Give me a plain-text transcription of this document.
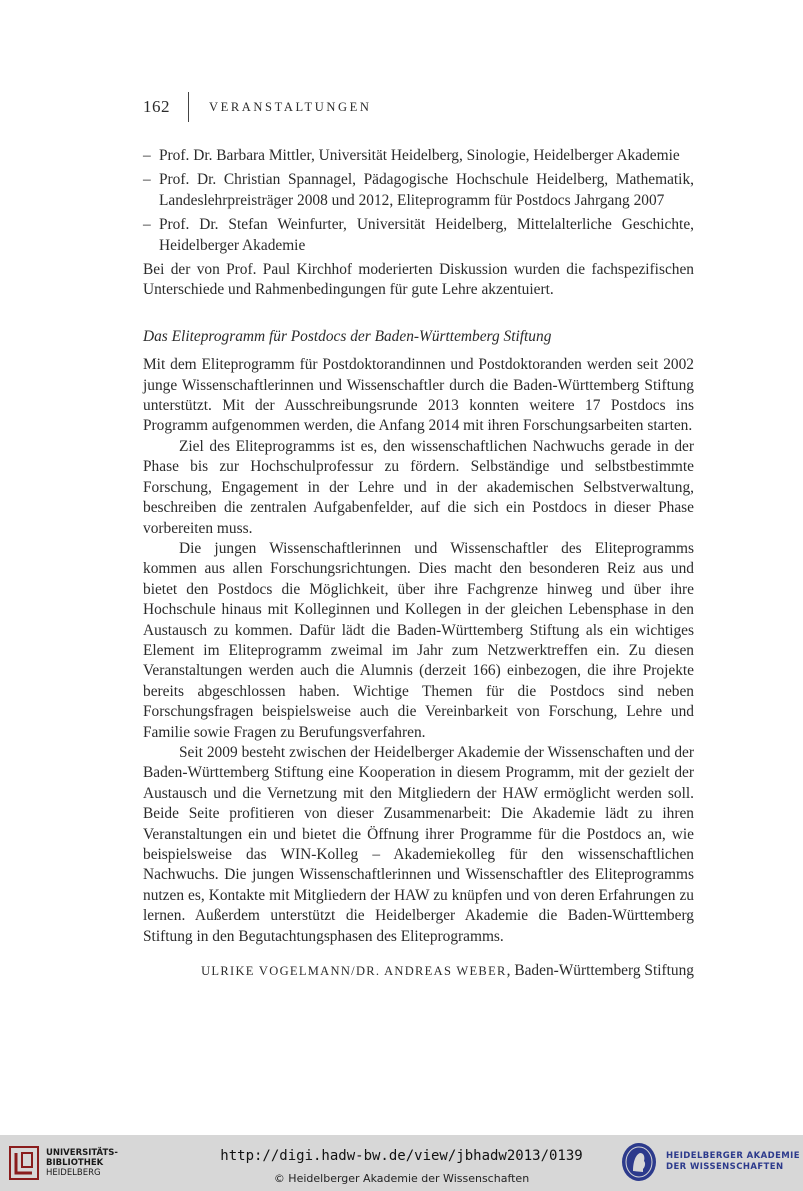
162	VERANSTALTUNGEN
– Prof. Dr. Barbara Mittler, Universität Heidelberg, Sinologie, Heidelberger Akademie
– Prof. Dr. Christian Spannagel, Pädagogische Hochschule Heidelberg, Mathematik, Landeslehrpreisträger 2008 und 2012, Eliteprogramm für Postdocs Jahrgang 2007
– Prof. Dr. Stefan Weinfurter, Universität Heidelberg, Mittelalterliche Geschichte, Heidelberger Akademie

Bei der von Prof. Paul Kirchhof moderierten Diskussion wurden die fachspezifischen Unterschiede und Rahmenbedingungen für gute Lehre akzentuiert.

Das Eliteprogramm für Postdocs der Baden-Württemberg Stiftung

Mit dem Eliteprogramm für Postdoktorandinnen und Postdoktoranden werden seit 2002 junge Wissenschaftlerinnen und Wissenschaftler durch die Baden-Württemberg Stiftung unterstützt. Mit der Ausschreibungsrunde 2013 konnten weitere 17 Postdocs ins Programm aufgenommen werden, die Anfang 2014 mit ihren Forschungsarbeiten starten.

Ziel des Eliteprogramms ist es, den wissenschaftlichen Nachwuchs gerade in der Phase bis zur Hochschulprofessur zu fördern. Selbständige und selbstbestimmte Forschung, Engagement in der Lehre und in der akademischen Selbstverwaltung, beschreiben die zentralen Aufgabenfelder, auf die sich ein Postdocs in dieser Phase vorbereiten muss.

Die jungen Wissenschaftlerinnen und Wissenschaftler des Eliteprogramms kommen aus allen Forschungsrichtungen. Dies macht den besonderen Reiz aus und bietet den Postdocs die Möglichkeit, über ihre Fachgrenze hinweg und über ihre Hochschule hinaus mit Kolleginnen und Kollegen in der gleichen Lebensphase in den Austausch zu kommen. Dafür lädt die Baden-Württemberg Stiftung als ein wichtiges Element im Eliteprogramm zweimal im Jahr zum Netzwerktreffen ein. Zu diesen Veranstaltungen werden auch die Alumnis (derzeit 166) einbezogen, die ihre Projekte bereits abgeschlossen haben. Wichtige Themen für die Postdocs sind neben Forschungsfragen beispielsweise auch die Vereinbarkeit von Forschung, Lehre und Familie sowie Fragen zu Berufungsverfahren.

Seit 2009 besteht zwischen der Heidelberger Akademie der Wissenschaften und der Baden-Württemberg Stiftung eine Kooperation in diesem Programm, mit der gezielt der Austausch und die Vernetzung mit den Mitgliedern der HAW ermöglicht werden soll. Beide Seite profitieren von dieser Zusammenarbeit: Die Akademie lädt zu ihren Veranstaltungen ein und bietet die Öffnung ihrer Programme für die Postdocs an, wie beispielsweise das WIN-Kolleg – Akademiekolleg für den wissenschaftlichen Nachwuchs. Die jungen Wissenschaftlerinnen und Wissenschaftler des Eliteprogramms nutzen es, Kontakte mit Mitgliedern der HAW zu knüpfen und von deren Erfahrungen zu lernen. Außerdem unterstützt die Heidelberger Akademie die Baden-Württemberg Stiftung in den Begutachtungsphasen des Eliteprogramms.

ULRIKE VOGELMANN/DR. ANDREAS WEBER, Baden-Württemberg Stiftung
UNIVERSITÄTS-
BIBLIOTHEK
HEIDELBERG
http://digi.hadw-bw.de/view/jbhadw2013/0139
© Heidelberger Akademie der Wissenschaften
HEIDELBERGER AKADEMIE
DER WISSENSCHAFTEN
